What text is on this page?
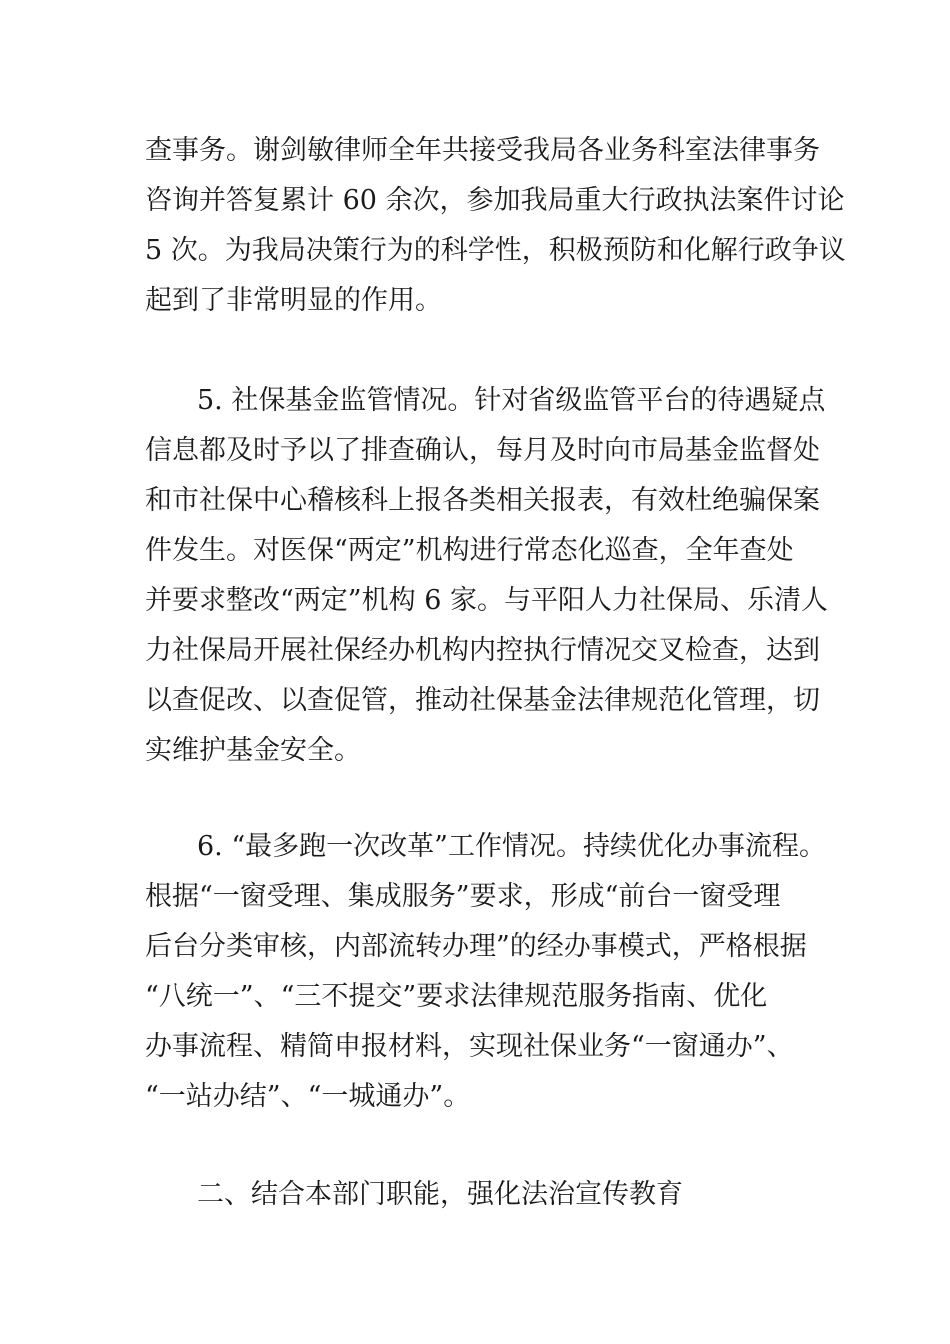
查事务。谢剑敏律师全年共接受我局各业务科室法律事务
咨询并答复累计 60 余次，参加我局重大行政执法案件讨论
5 次。为我局决策行为的科学性，积极预防和化解行政争议
起到了非常明显的作用。
5. 社保基金监管情况。针对省级监管平台的待遇疑点
信息都及时予以了排查确认，每月及时向市局基金监督处
和市社保中心稽核科上报各类相关报表，有效杜绝骗保案
件发生。对医保“两定”机构进行常态化巡查，全年查处
并要求整改“两定”机构 6 家。与平阳人力社保局、乐清人
力社保局开展社保经办机构内控执行情况交叉检查，达到
以查促改、以查促管，推动社保基金法律规范化管理，切
实维护基金安全。
6. “最多跑一次改革”工作情况。持续优化办事流程。
根据“一窗受理、集成服务”要求，形成“前台一窗受理
后台分类审核，内部流转办理”的经办事模式，严格根据
“八统一”、“三不提交”要求法律规范服务指南、优化
办事流程、精简申报材料，实现社保业务“一窗通办”、
“一站办结”、“一城通办”。
二、结合本部门职能，强化法治宣传教育
